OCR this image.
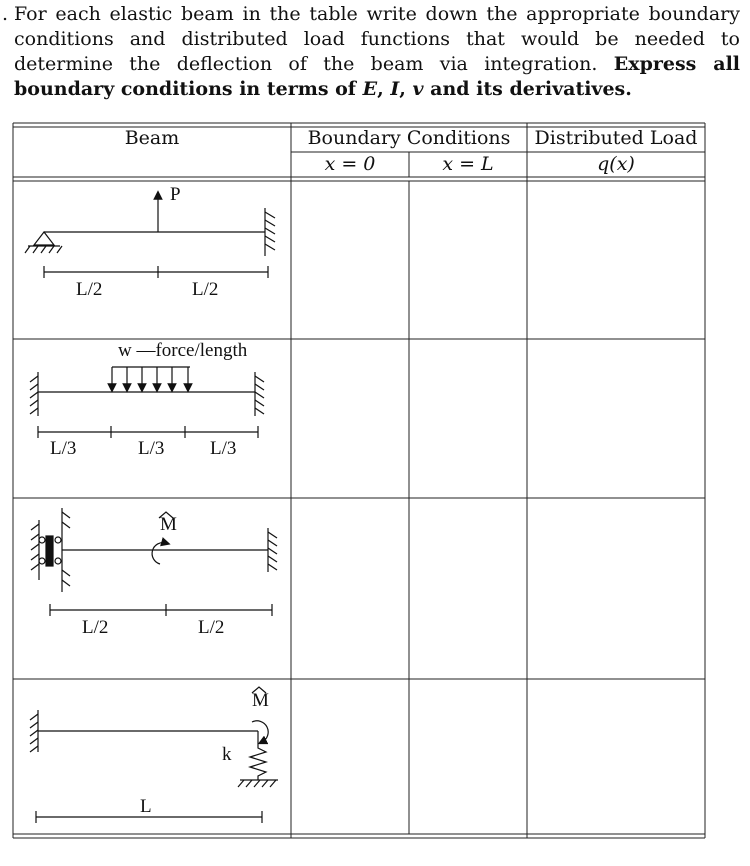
. For each elastic beam in the table write down the appropriate boundary conditions and distributed load functions that would be needed to determine the deflection of the beam via integration. Express all boundary conditions in terms of E, I, v and its derivatives.

Beam	Boundary Conditions	Distributed Load
x = 0	x = L	q(x)
P
L/2	L/2
w —force/length
L/3	L/3 L/3
M
L/2	L/2
M
k
L
